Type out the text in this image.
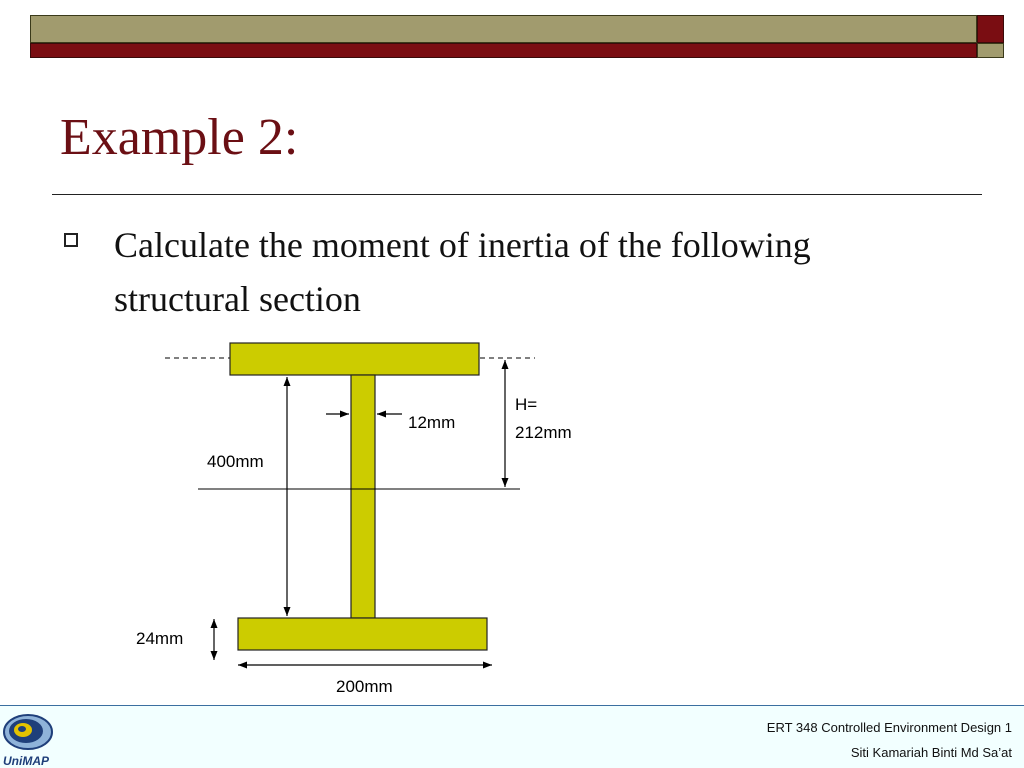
Example 2:
Calculate the moment of inertia of the following structural section
12mm
H=
212mm
400mm
24mm
200mm
UniMAP
ERT 348 Controlled Environment Design 1
Siti Kamariah Binti Md Sa’at
